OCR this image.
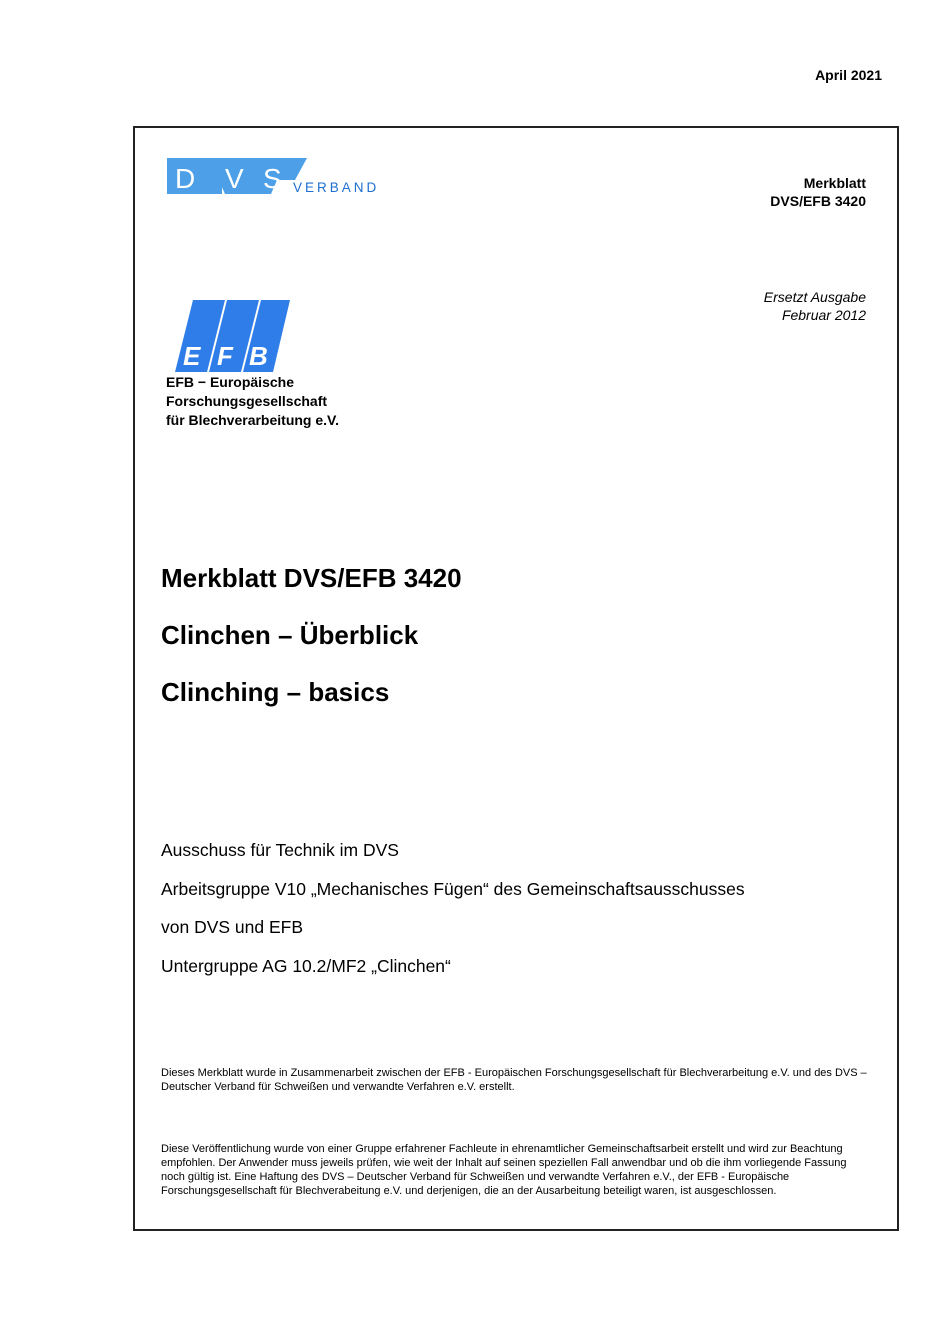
April 2021
D V S VERBAND	Merkblatt
DVS/EFB 3420
Ersetzt Ausgabe
Februar 2012
E F B
EFB − Europäische
Forschungsgesellschaft
für Blechverarbeitung e.V.
Merkblatt DVS/EFB 3420
Clinchen – Überblick
Clinching – basics
Ausschuss für Technik im DVS
Arbeitsgruppe V10 „Mechanisches Fügen“ des Gemeinschaftsausschusses
von DVS und EFB
Untergruppe AG 10.2/MF2 „Clinchen“

Dieses Merkblatt wurde in Zusammenarbeit zwischen der EFB - Europäischen Forschungsgesellschaft für Blechverarbeitung e.V. und des DVS – Deutscher Verband für Schweißen und verwandte Verfahren e.V. erstellt.

Diese Veröffentlichung wurde von einer Gruppe erfahrener Fachleute in ehrenamtlicher Gemeinschaftsarbeit erstellt und wird zur Beachtung empfohlen. Der Anwender muss jeweils prüfen, wie weit der Inhalt auf seinen speziellen Fall anwendbar und ob die ihm vorliegende Fassung noch gültig ist. Eine Haftung des DVS – Deutscher Verband für Schweißen und verwandte Verfahren e.V., der EFB - Europäische Forschungsgesellschaft für Blechverabeitung e.V. und derjenigen, die an der Ausarbeitung beteiligt waren, ist ausgeschlossen.
